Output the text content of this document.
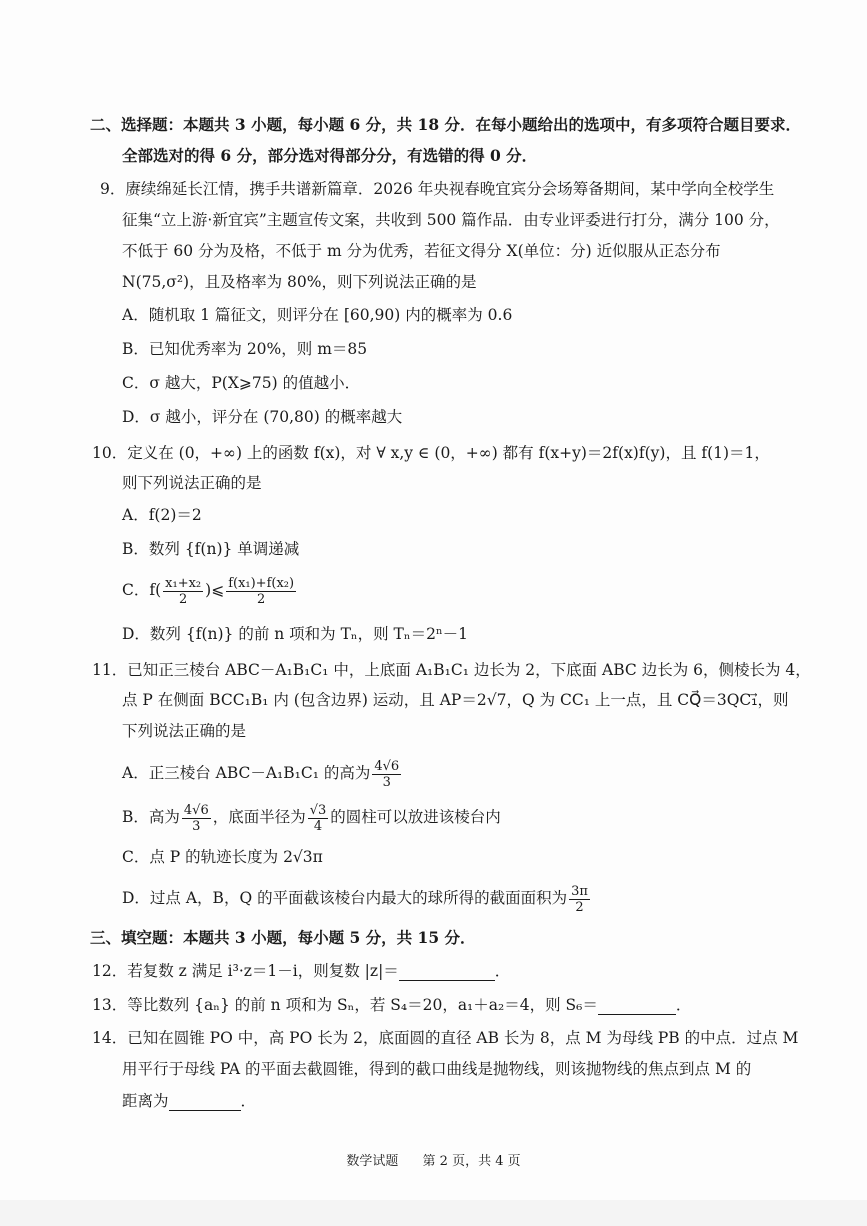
二、选择题：本题共 3 小题，每小题 6 分，共 18 分．在每小题给出的选项中，有多项符合题目要求．
全部选对的得 6 分，部分选对得部分分，有选错的得 0 分．
9．赓续绵延长江情，携手共谱新篇章．2026 年央视春晚宜宾分会场筹备期间，某中学向全校学生
征集“立上游·新宜宾”主题宣传文案，共收到 500 篇作品．由专业评委进行打分，满分 100 分，
不低于 60 分为及格，不低于 m 分为优秀，若征文得分 X(单位：分) 近似服从正态分布
N(75,σ²)，且及格率为 80%，则下列说法正确的是
A．随机取 1 篇征文，则评分在 [60,90) 内的概率为 0.6
B．已知优秀率为 20%，则 m＝85
C．σ 越大，P(X⩾75) 的值越小．
D．σ 越小，评分在 (70,80) 的概率越大
10．定义在 (0，+∞) 上的函数 f(x)，对 ∀ x,y ∈ (0，+∞) 都有 f(x+y)＝2f(x)f(y)，且 f(1)＝1，
则下列说法正确的是
A．f(2)＝2
B．数列 {f(n)} 单调递减
C．$f( \frac{\text{x₁+x₂}}{2}$ )⩽ $\frac{\text{f(x₁)+f(x₂)}}{2}$
D．数列 {f(n)} 的前 n 项和为 Tₙ，则 Tₙ＝2ⁿ－1
11．已知正三棱台 ABC－A₁B₁C₁ 中，上底面 A₁B₁C₁ 边长为 2，下底面 ABC 边长为 6，侧棱长为 4，
点 P 在侧面 BCC₁B₁ 内 (包含边界) 运动，且 AP＝2√7，Q 为 CC₁ 上一点，且 CQ⃗＝3QC₁⃗，则
下列说法正确的是
A．正三棱台 ABC－A₁B₁C₁ 的高为 $\frac{4√6}{3}$
B．高为 $\frac{4√6}{3}$ ，底面半径为 $\frac{√3}{4}$ 的圆柱可以放进该棱台内
C．点 P 的轨迹长度为 2√3π
D．过点 A，B，Q 的平面截该棱台内最大的球所得的截面面积为 $\frac{3\pi}{2}$
三、填空题：本题共 3 小题，每小题 5 分，共 15 分．
12．若复数 z 满足 i³·z＝1－i，则复数 |z|＝	．
13．等比数列 {aₙ} 的前 n 项和为 Sₙ，若 S₄＝20，a₁＋a₂＝4，则 S₆＝	．
14．已知在圆锥 PO 中，高 PO 长为 2，底面圆的直径 AB 长为 8，点 M 为母线 PB 的中点．过点 M
用平行于母线 PA 的平面去截圆锥，得到的截口曲线是抛物线，则该抛物线的焦点到点 M 的
距离为	．
数学试题 第 2 页，共 4 页
